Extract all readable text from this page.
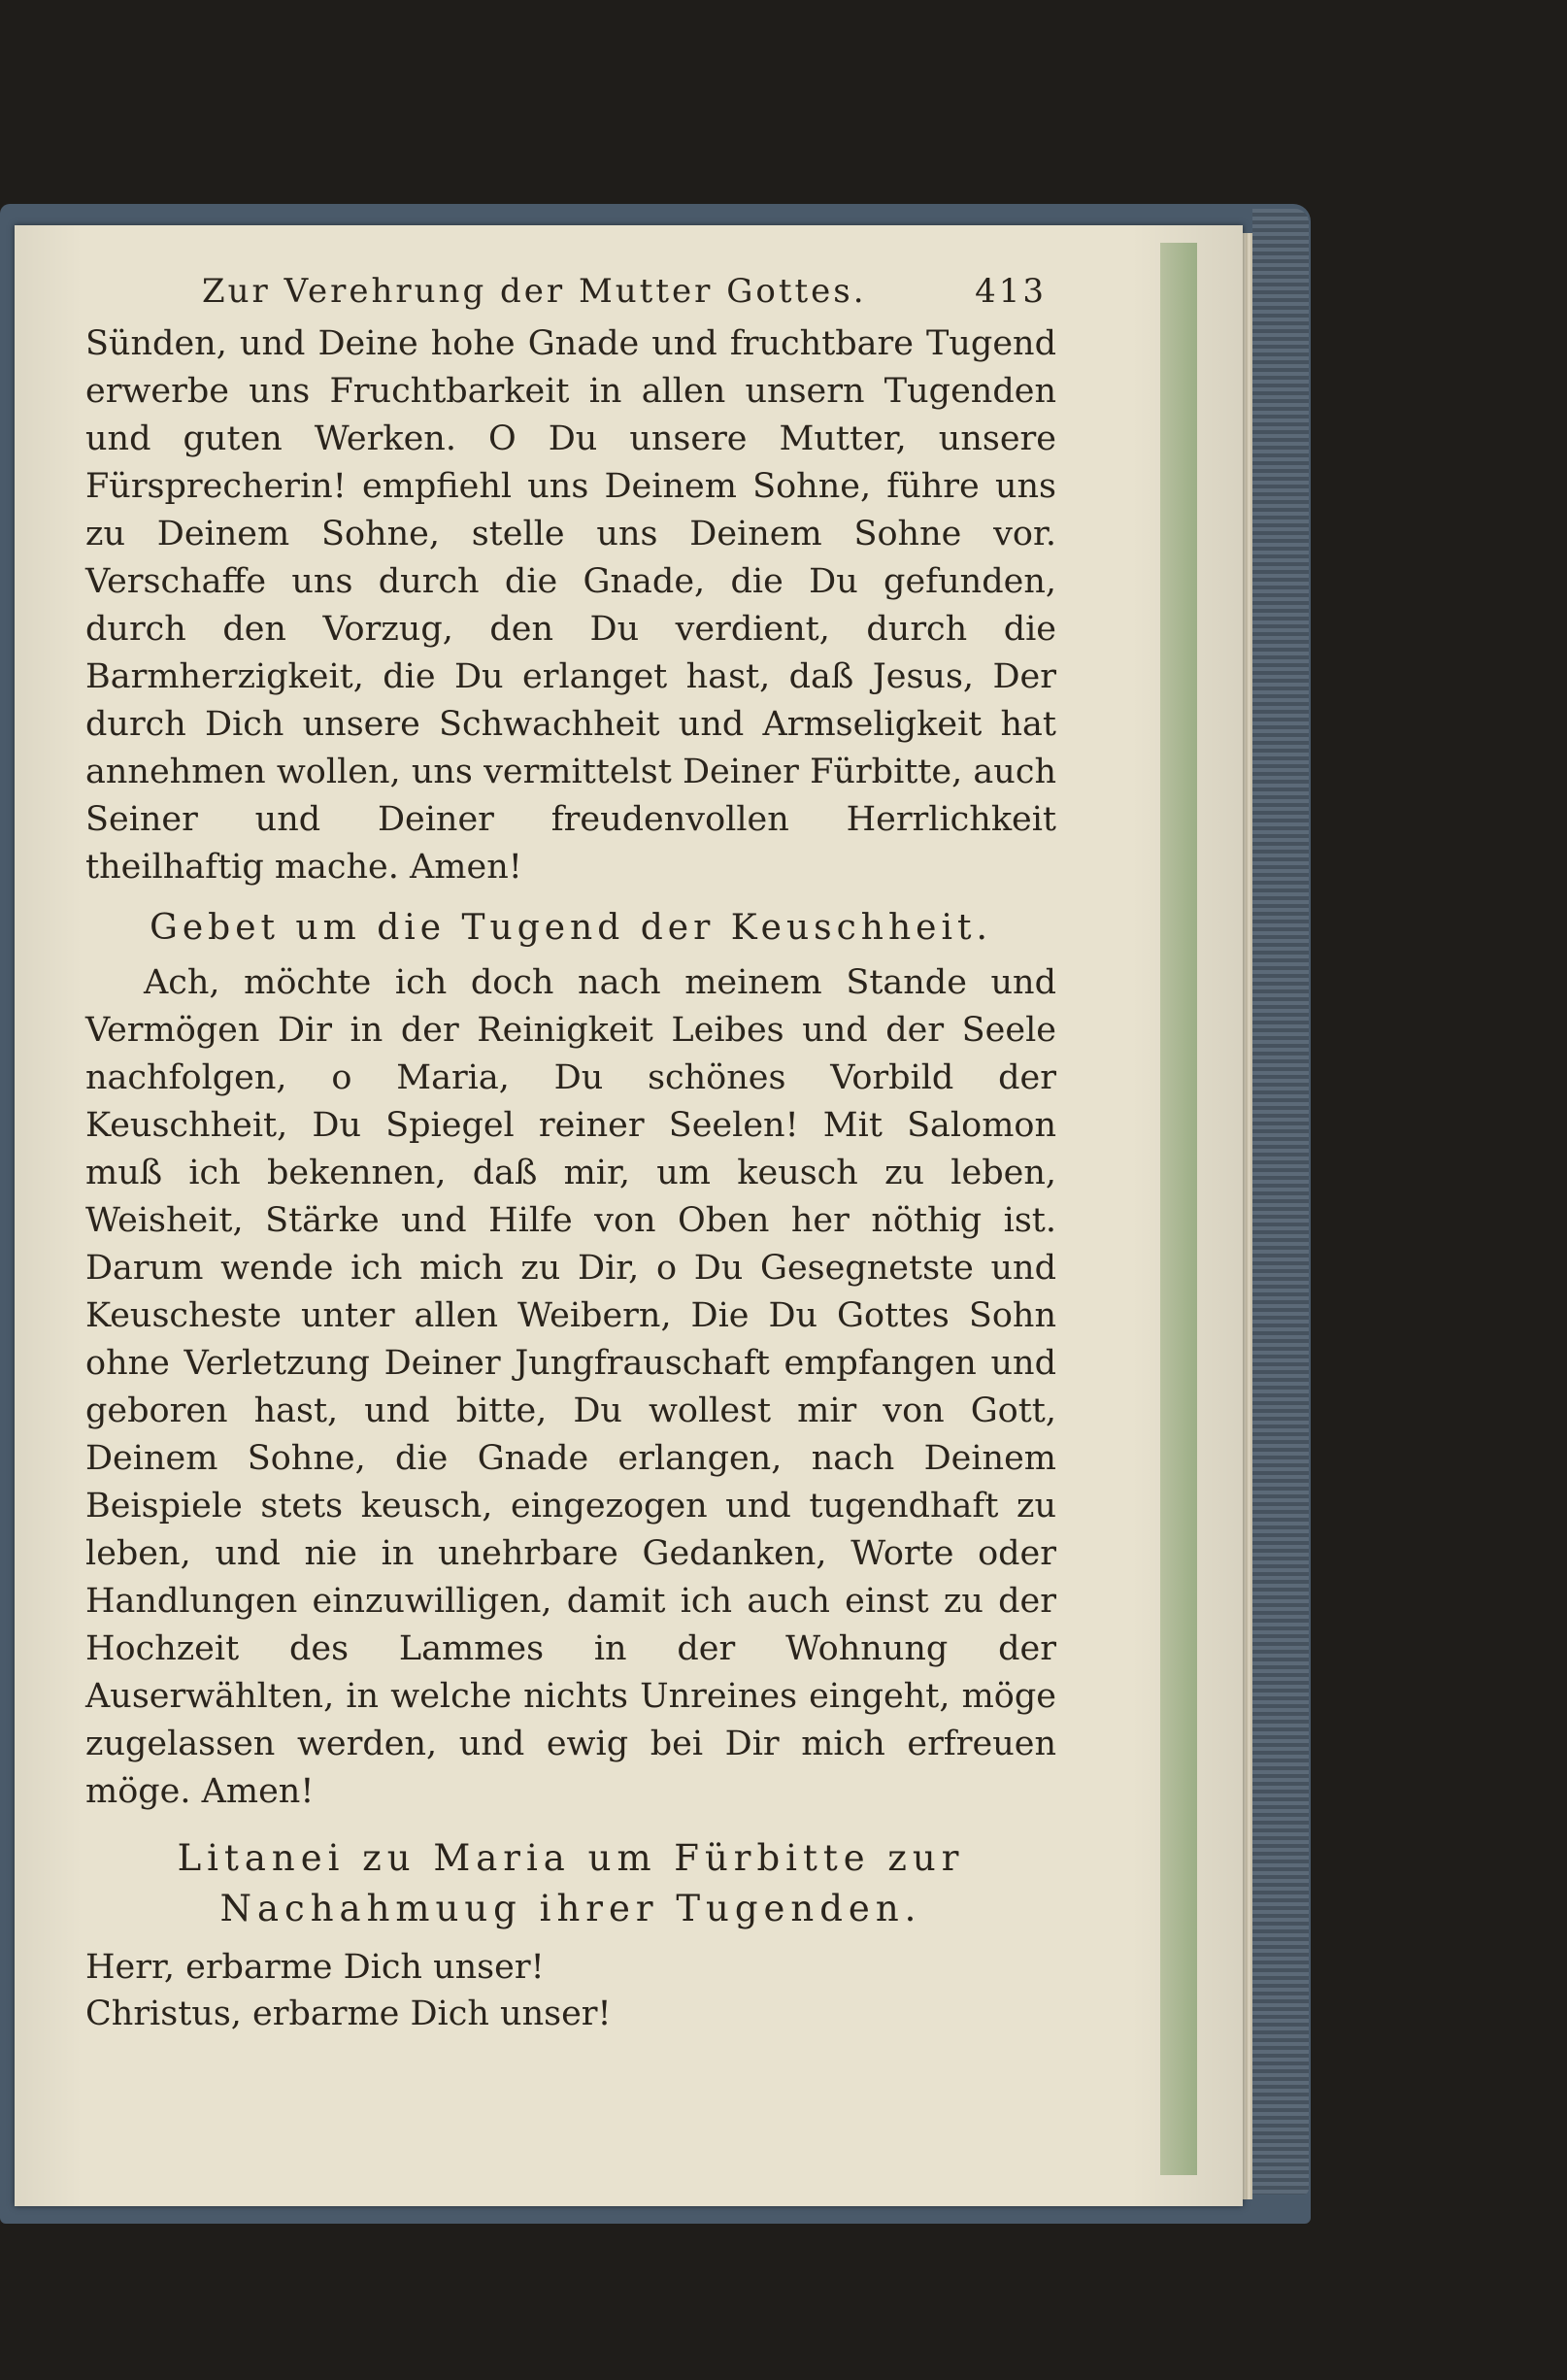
Zur Verehrung der Mutter Gottes.	413

Sünden, und Deine hohe Gnade und fruchtbare Tugend erwerbe uns Fruchtbarkeit in allen unsern Tugenden und guten Werken. O Du unsere Mutter, unsere Fürsprecherin! empfiehl uns Deinem Sohne, führe uns zu Deinem Sohne, stelle uns Deinem Sohne vor. Verschaffe uns durch die Gnade, die Du gefunden, durch den Vorzug, den Du verdient, durch die Barmherzigkeit, die Du erlanget hast, daß Jesus, Der durch Dich unsere Schwachheit und Armseligkeit hat annehmen wollen, uns vermittelst Deiner Fürbitte, auch Seiner und Deiner freudenvollen Herrlichkeit theilhaftig mache. Amen!

Gebet um die Tugend der Keuschheit.

Ach, möchte ich doch nach meinem Stande und Vermögen Dir in der Reinigkeit Leibes und der Seele nachfolgen, o Maria, Du schönes Vorbild der Keuschheit, Du Spiegel reiner Seelen! Mit Salomon muß ich bekennen, daß mir, um keusch zu leben, Weisheit, Stärke und Hilfe von Oben her nöthig ist. Darum wende ich mich zu Dir, o Du Gesegnetste und Keuscheste unter allen Weibern, Die Du Gottes Sohn ohne Verletzung Deiner Jungfrauschaft empfangen und geboren hast, und bitte, Du wollest mir von Gott, Deinem Sohne, die Gnade erlangen, nach Deinem Beispiele stets keusch, eingezogen und tugendhaft zu leben, und nie in unehrbare Gedanken, Worte oder Handlungen einzuwilligen, damit ich auch einst zu der Hochzeit des Lammes in der Wohnung der Auserwählten, in welche nichts Unreines eingeht, möge zugelassen werden, und ewig bei Dir mich erfreuen möge. Amen!

Litanei zu Maria um Fürbitte zur
Nachahmuug ihrer Tugenden.
Herr, erbarme Dich unser!
Christus, erbarme Dich unser!
